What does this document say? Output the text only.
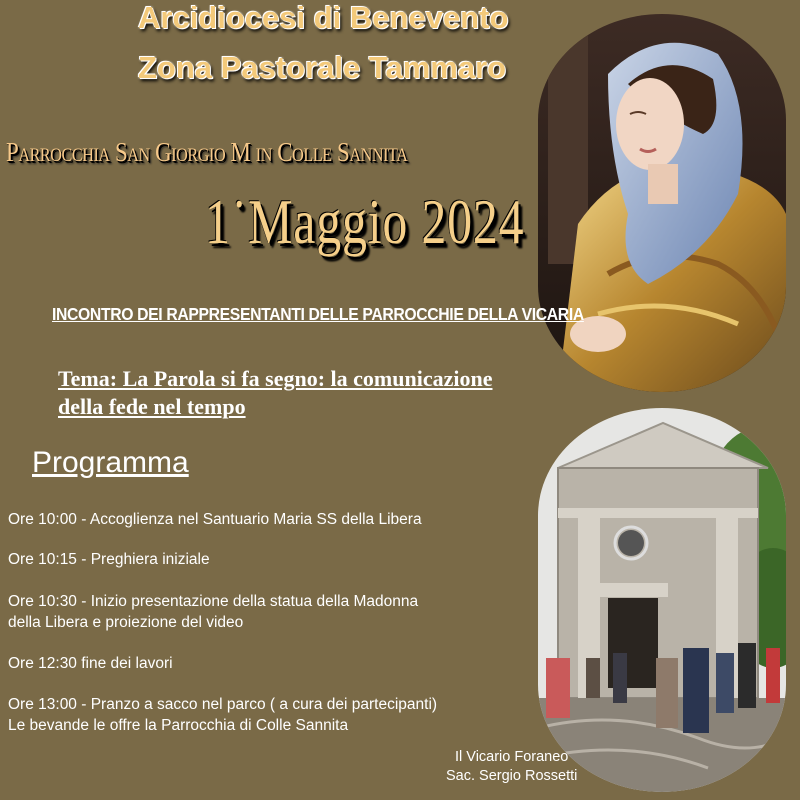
Arcidiocesi di Benevento
Zona Pastorale Tammaro
Parrocchia San Giorgio M in Colle Sannita
1˙Maggio 2024
INCONTRO DEI RAPPRESENTANTI DELLE PARROCCHIE DELLA VICARIA
Tema: La Parola si fa segno: la comunicazione
della fede nel tempo
Programma
Ore 10:00 - Accoglienza nel Santuario Maria SS della Libera
Ore 10:15 - Preghiera iniziale
Ore 10:30 - Inizio presentazione della statua della Madonna
della Libera e proiezione del video
Ore 12:30 fine dei lavori
Ore 13:00 - Pranzo a sacco nel parco ( a cura dei partecipanti)
Le bevande le offre la Parrocchia di Colle Sannita
Il Vicario Foraneo
Sac. Sergio Rossetti
